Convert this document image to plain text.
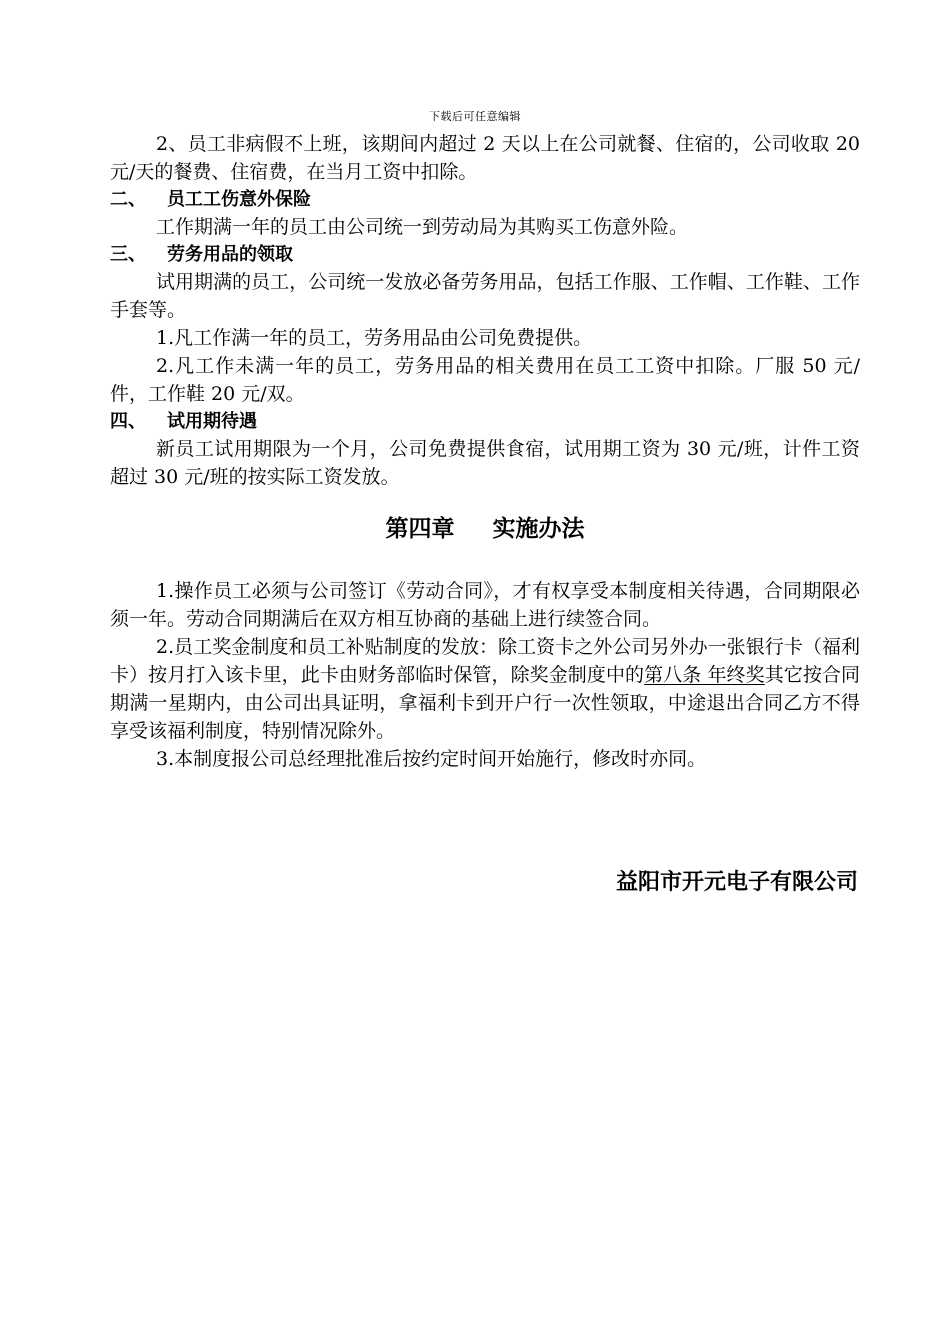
下载后可任意编辑

2、员工非病假不上班，该期间内超过 2 天以上在公司就餐、住宿的，公司收取 20 元/天的餐费、住宿费，在当月工资中扣除。

二、 员工工伤意外保险

工作期满一年的员工由公司统一到劳动局为其购买工伤意外险。

三、 劳务用品的领取

试用期满的员工，公司统一发放必备劳务用品，包括工作服、工作帽、工作鞋、工作手套等。

1.凡工作满一年的员工，劳务用品由公司免费提供。

2.凡工作未满一年的员工，劳务用品的相关费用在员工工资中扣除。厂服 50 元/件，工作鞋 20 元/双。

四、 试用期待遇

新员工试用期限为一个月，公司免费提供食宿，试用期工资为 30 元/班，计件工资超过 30 元/班的按实际工资发放。

第四章 实施办法

1.操作员工必须与公司签订《劳动合同》，才有权享受本制度相关待遇，合同期限必须一年。劳动合同期满后在双方相互协商的基础上进行续签合同。

2.员工奖金制度和员工补贴制度的发放：除工资卡之外公司另外办一张银行卡（福利卡）按月打入该卡里，此卡由财务部临时保管，除奖金制度中的第八条 年终奖其它按合同期满一星期内，由公司出具证明，拿福利卡到开户行一次性领取，中途退出合同乙方不得享受该福利制度，特别情况除外。

3.本制度报公司总经理批准后按约定时间开始施行，修改时亦同。

益阳市开元电子有限公司
